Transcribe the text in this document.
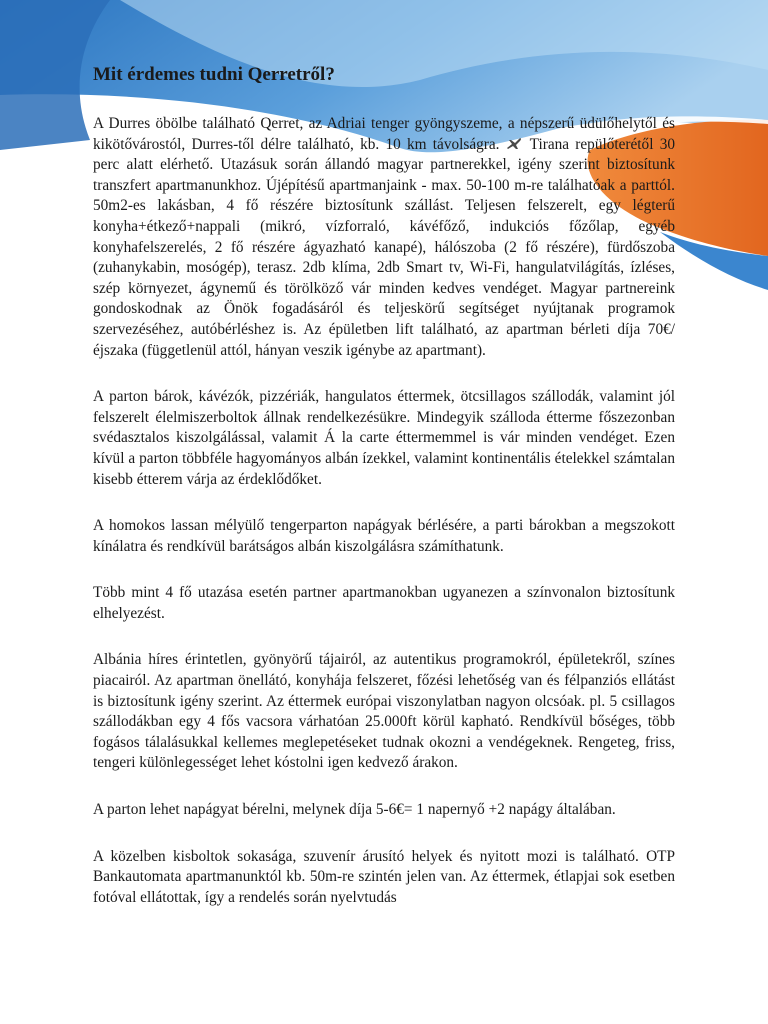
Mit érdemes tudni Qerretről?

A Durres öbölbe található Qerret, az Adriai tenger gyöngyszeme, a népszerű üdülőhelytől és kikötővárostól, Durres-től délre található, kb. 10 km távolságra.  Tirana repülőterétől 30 perc alatt elérhető. Utazásuk során állandó magyar partnerekkel, igény szerint biztosítunk transzfert apartmanunkhoz. Újépítésű apartmanjaink - max. 50-100 m-re találhatóak a parttól. 50m2-es lakásban, 4 fő részére biztosítunk szállást. Teljesen felszerelt, egy légterű konyha+étkező+nappali (mikró, vízforraló, kávéfőző, indukciós főzőlap, egyéb konyhafelszerelés, 2 fő részére ágyazható kanapé), hálószoba (2 fő részére), fürdőszoba (zuhanykabin, mosógép), terasz. 2db klíma, 2db Smart tv, Wi-Fi, hangulatvilágítás, ízléses, szép környezet, ágynemű és törölköző vár minden kedves vendéget. Magyar partnereink gondoskodnak az Önök fogadásáról és teljeskörű segítséget nyújtanak programok szervezéséhez, autóbérléshez is. Az épületben lift található, az apartman bérleti díja 70€/éjszaka (függetlenül attól, hányan veszik igénybe az apartmant).

A parton bárok, kávézók, pizzériák, hangulatos éttermek, ötcsillagos szállodák, valamint jól felszerelt élelmiszerboltok állnak rendelkezésükre. Mindegyik szálloda étterme főszezonban svédasztalos kiszolgálással, valamit Á la carte éttermemmel is vár minden vendéget. Ezen kívül a parton többféle hagyományos albán ízekkel, valamint kontinentális ételekkel számtalan kisebb étterem várja az érdeklődőket.

A homokos lassan mélyülő tengerparton napágyak bérlésére, a parti bárokban a megszokott kínálatra és rendkívül barátságos albán kiszolgálásra számíthatunk.

Több mint 4 fő utazása esetén partner apartmanokban ugyanezen a színvonalon biztosítunk elhelyezést.

Albánia híres érintetlen, gyönyörű tájairól, az autentikus programokról, épületekről, színes piacairól. Az apartman önellátó, konyhája felszeret, főzési lehetőség van és félpanziós ellátást is biztosítunk igény szerint. Az éttermek európai viszonylatban nagyon olcsóak. pl. 5 csillagos szállodákban egy 4 fős vacsora várhatóan 25.000ft körül kapható. Rendkívül bőséges, több fogásos tálalásukkal kellemes meglepetéseket tudnak okozni a vendégeknek. Rengeteg, friss, tengeri különlegességet lehet kóstolni igen kedvező árakon.

A parton lehet napágyat bérelni, melynek díja 5-6€= 1 napernyő +2 napágy általában.

A közelben kisboltok sokasága, szuvenír árusító helyek és nyitott mozi is található. OTP Bankautomata apartmanunktól kb. 50m-re szintén jelen van. Az éttermek, étlapjai sok esetben fotóval ellátottak, így a rendelés során nyelvtudás
